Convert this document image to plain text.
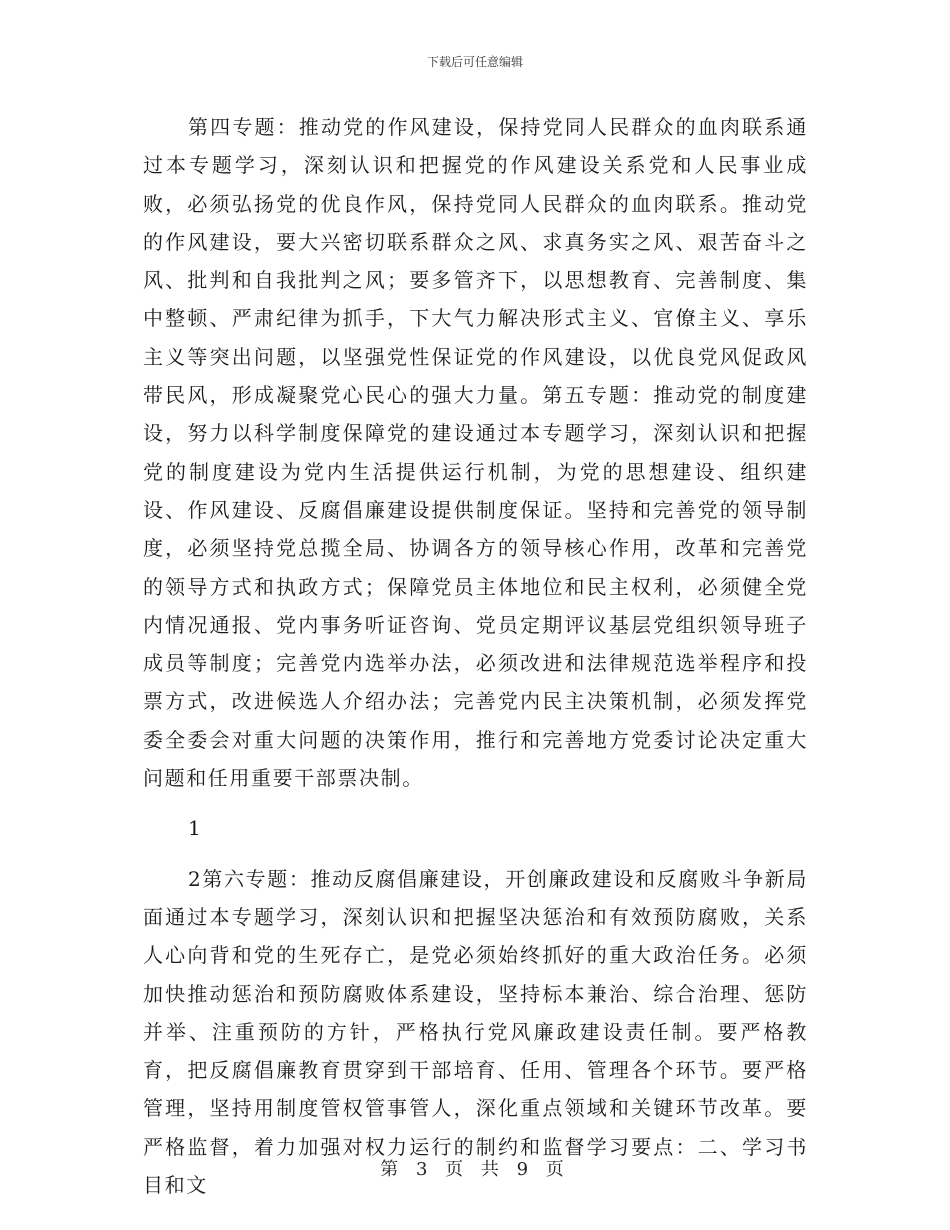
下载后可任意编辑

第四专题：推动党的作风建设，保持党同人民群众的血肉联系通过本专题学习，深刻认识和把握党的作风建设关系党和人民事业成败，必须弘扬党的优良作风，保持党同人民群众的血肉联系。推动党的作风建设，要大兴密切联系群众之风、求真务实之风、艰苦奋斗之风、批判和自我批判之风；要多管齐下，以思想教育、完善制度、集中整顿、严肃纪律为抓手，下大气力解决形式主义、官僚主义、享乐主义等突出问题，以坚强党性保证党的作风建设，以优良党风促政风带民风，形成凝聚党心民心的强大力量。第五专题：推动党的制度建设，努力以科学制度保障党的建设通过本专题学习，深刻认识和把握党的制度建设为党内生活提供运行机制，为党的思想建设、组织建设、作风建设、反腐倡廉建设提供制度保证。坚持和完善党的领导制度，必须坚持党总揽全局、协调各方的领导核心作用，改革和完善党的领导方式和执政方式；保障党员主体地位和民主权利，必须健全党内情况通报、党内事务听证咨询、党员定期评议基层党组织领导班子成员等制度；完善党内选举办法，必须改进和法律规范选举程序和投票方式，改进候选人介绍办法；完善党内民主决策机制，必须发挥党委全委会对重大问题的决策作用，推行和完善地方党委讨论决定重大问题和任用重要干部票决制。

1

2第六专题：推动反腐倡廉建设，开创廉政建设和反腐败斗争新局面通过本专题学习，深刻认识和把握坚决惩治和有效预防腐败，关系人心向背和党的生死存亡，是党必须始终抓好的重大政治任务。必须加快推动惩治和预防腐败体系建设，坚持标本兼治、综合治理、惩防并举、注重预防的方针，严格执行党风廉政建设责任制。要严格教育，把反腐倡廉教育贯穿到干部培育、任用、管理各个环节。要严格管理，坚持用制度管权管事管人，深化重点领域和关键环节改革。要严格监督，着力加强对权力运行的制约和监督学习要点：二、学习书目和文

第 3 页 共 9 页
